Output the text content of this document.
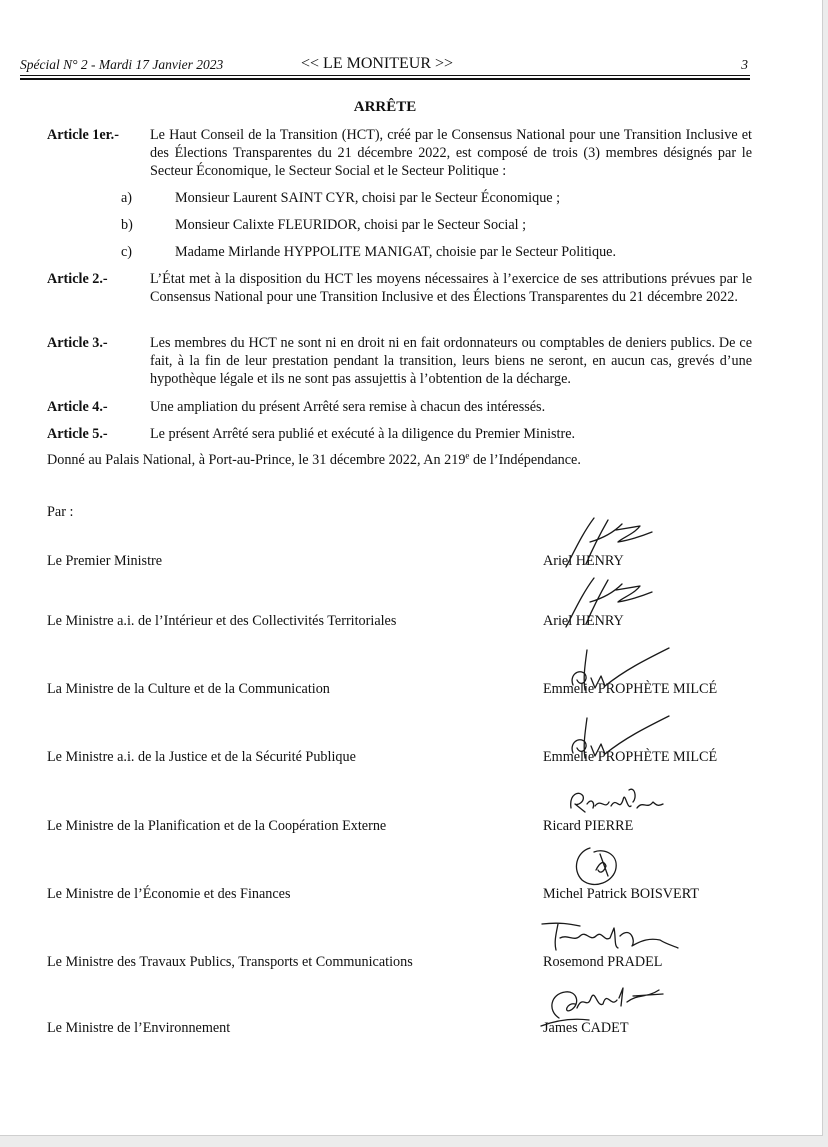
Spécial N° 2 - Mardi 17 Janvier 2023	<< LE MONITEUR >>	3
ARRÊTE
Article 1er.- Le Haut Conseil de la Transition (HCT), créé par le Consensus National pour une Transition Inclusive et des Élections Transparentes du 21 décembre 2022, est composé de trois (3) membres désignés par le Secteur Économique, le Secteur Social et le Secteur Politique :
a)	Monsieur Laurent SAINT CYR, choisi par le Secteur Économique ;
b)	Monsieur Calixte FLEURIDOR, choisi par le Secteur Social ;
c)	Madame Mirlande HYPPOLITE MANIGAT, choisie par le Secteur Politique.
Article 2.-	L’État met à la disposition du HCT les moyens nécessaires à l’exercice de ses attributions prévues par le Consensus National pour une Transition Inclusive et des Élections Transparentes du 21 décembre 2022.
Article 3.-	Les membres du HCT ne sont ni en droit ni en fait ordonnateurs ou comptables de deniers publics. De ce fait, à la fin de leur prestation pendant la transition, leurs biens ne seront, en aucun cas, grevés d’une hypothèque légale et ils ne sont pas assujettis à l’obtention de la décharge.
Article 4.-	Une ampliation du présent Arrêté sera remise à chacun des intéressés.
Article 5.-	Le présent Arrêté sera publié et exécuté à la diligence du Premier Ministre.
Donné au Palais National, à Port-au-Prince, le 31 décembre 2022, An 219e de l’Indépendance.
Par :
Le Premier Ministre	Ariel HENRY
Le Ministre a.i. de l’Intérieur et des Collectivités Territoriales	Ariel HENRY
La Ministre de la Culture et de la Communication	Emmelie PROPHÈTE MILCÉ
Le Ministre a.i. de la Justice et de la Sécurité Publique	Emmelie PROPHÈTE MILCÉ
Le Ministre de la Planification et de la Coopération Externe	Ricard PIERRE
Le Ministre de l’Économie et des Finances	Michel Patrick BOISVERT
Le Ministre des Travaux Publics, Transports et Communications	Rosemond PRADEL
Le Ministre de l’Environnement	James CADET
